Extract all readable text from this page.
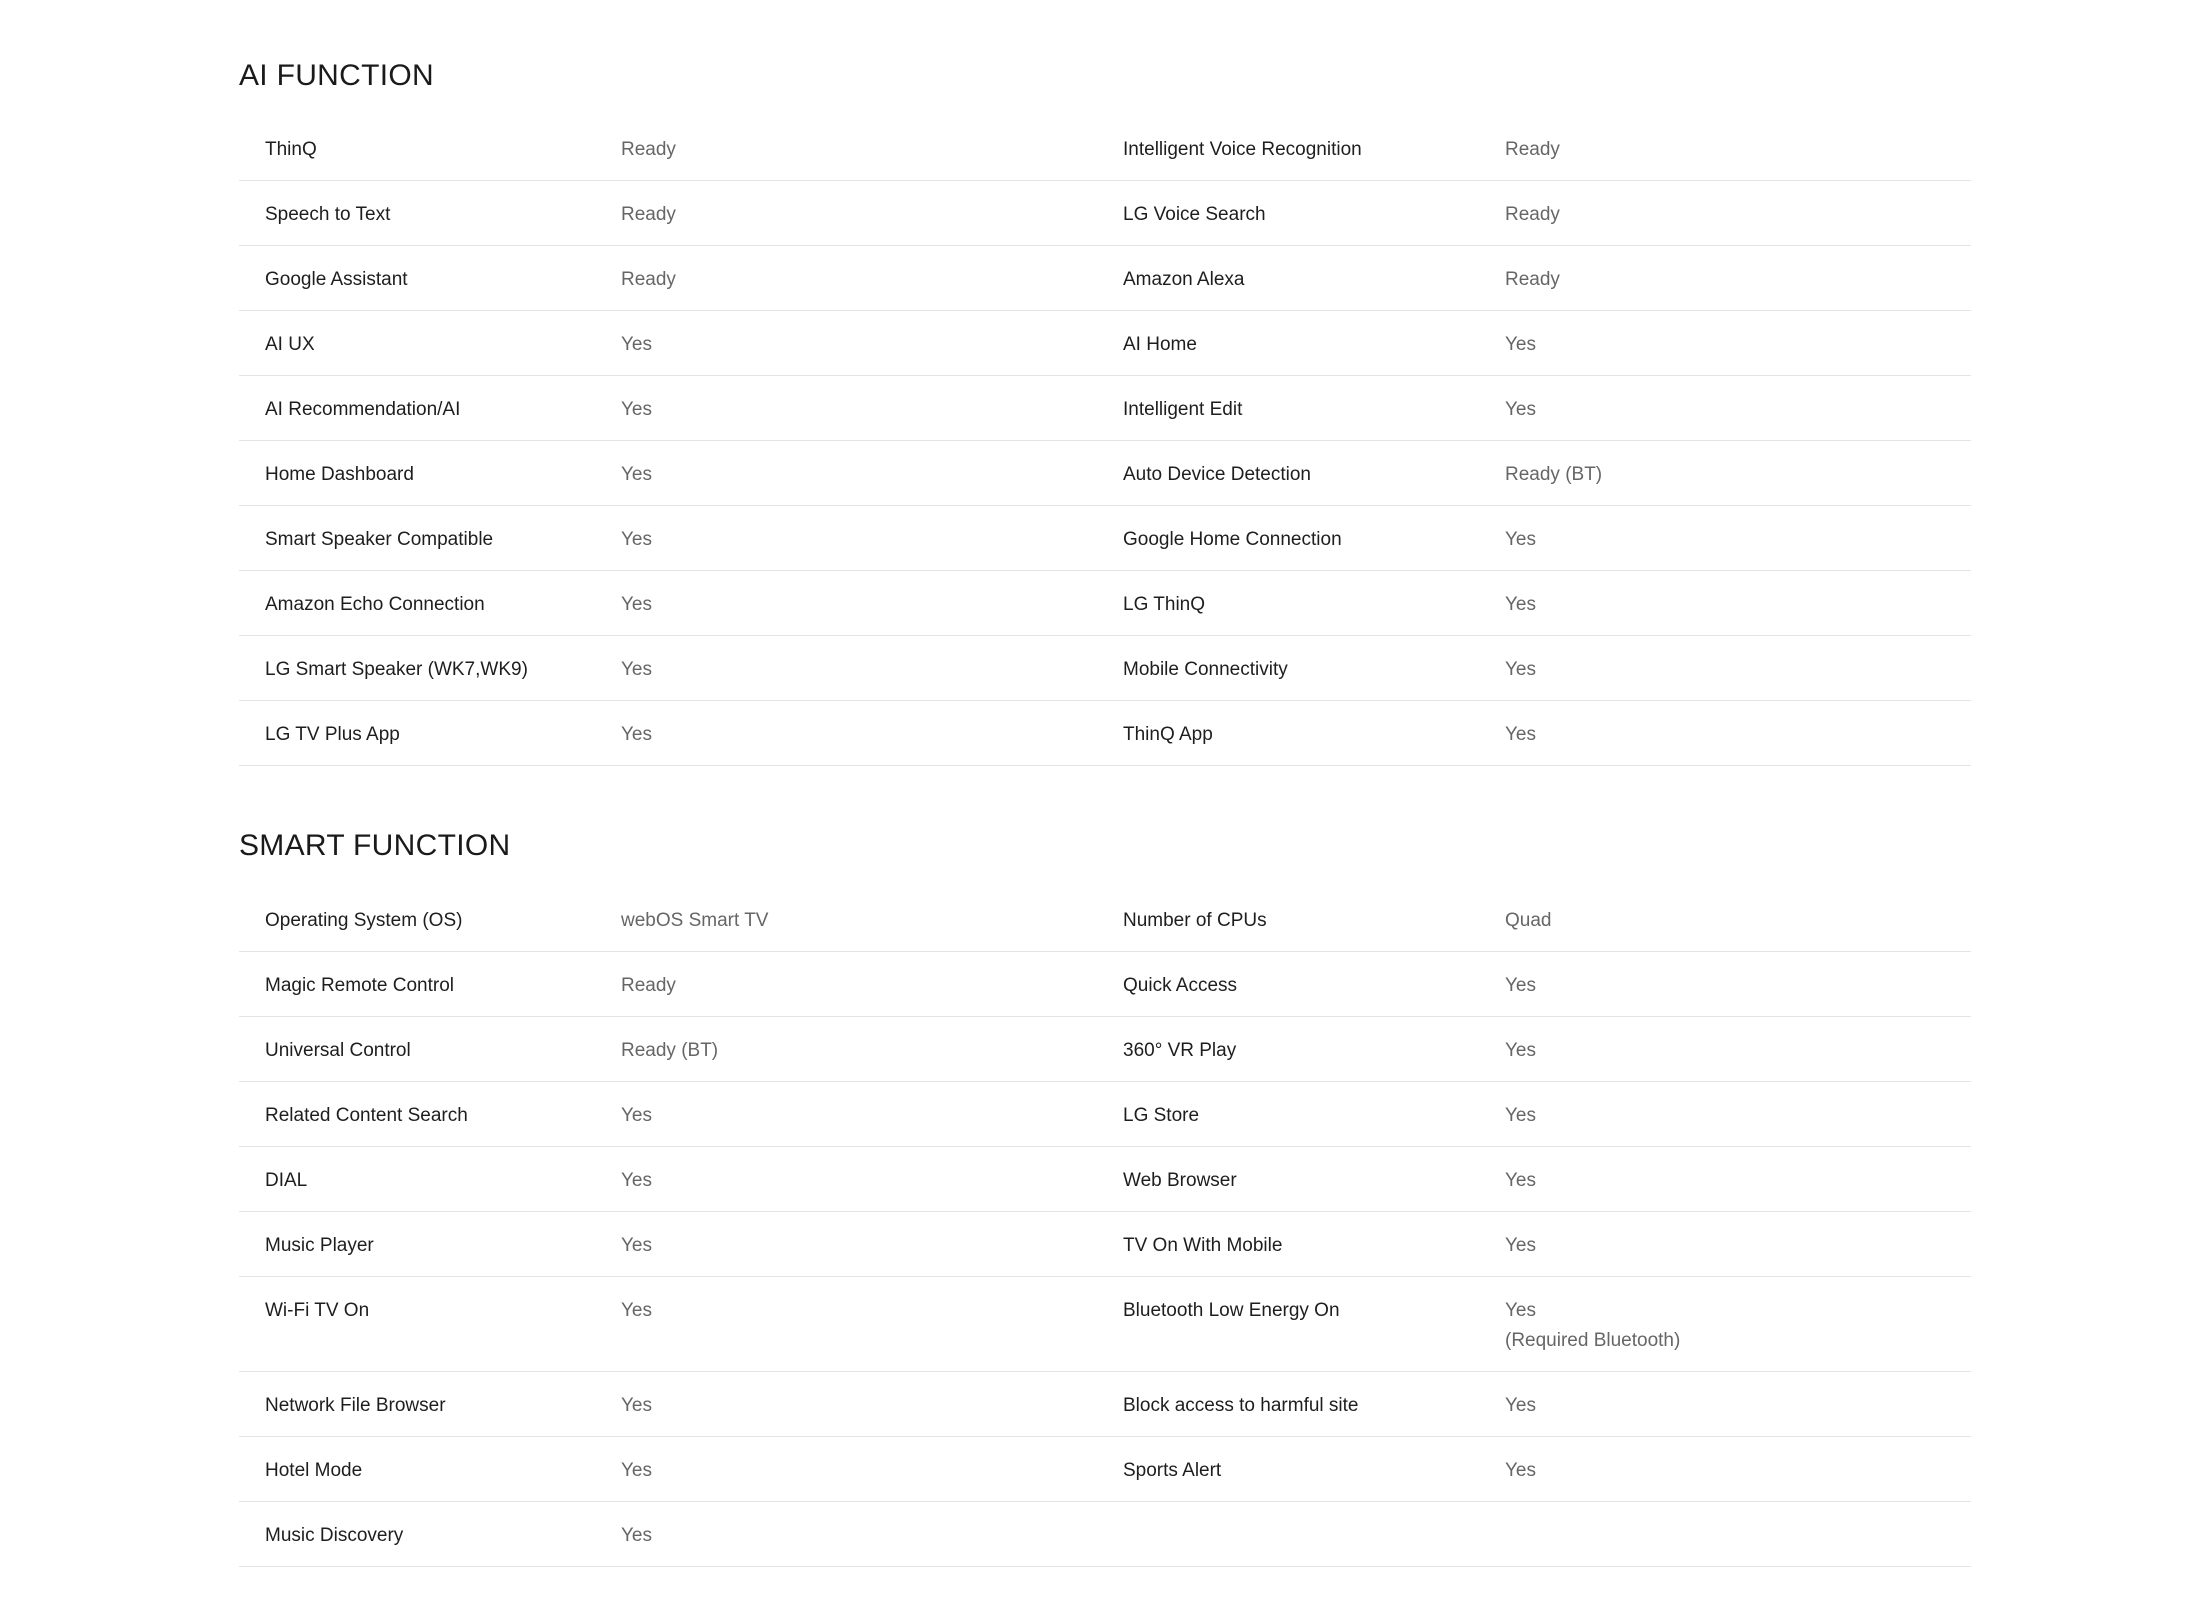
AI FUNCTION
ThinQ	Ready	Intelligent Voice Recognition	Ready
Speech to Text	Ready	LG Voice Search	Ready
Google Assistant	Ready	Amazon Alexa	Ready
AI UX	Yes	AI Home	Yes
AI Recommendation/AI	Yes	Intelligent Edit	Yes
Home Dashboard	Yes	Auto Device Detection	Ready (BT)
Smart Speaker Compatible	Yes	Google Home Connection	Yes
Amazon Echo Connection	Yes	LG ThinQ	Yes
LG Smart Speaker (WK7,WK9)	Yes	Mobile Connectivity	Yes
LG TV Plus App	Yes	ThinQ App	Yes
SMART FUNCTION
Operating System (OS)	webOS Smart TV	Number of CPUs	Quad
Magic Remote Control	Ready	Quick Access	Yes
Universal Control	Ready (BT)	360° VR Play	Yes
Related Content Search	Yes	LG Store	Yes
DIAL	Yes	Web Browser	Yes
Music Player	Yes	TV On With Mobile	Yes
Wi-Fi TV On	Yes	Bluetooth Low Energy On	Yes
(Required Bluetooth)
Network File Browser	Yes	Block access to harmful site	Yes
Hotel Mode	Yes	Sports Alert	Yes
Music Discovery	Yes
